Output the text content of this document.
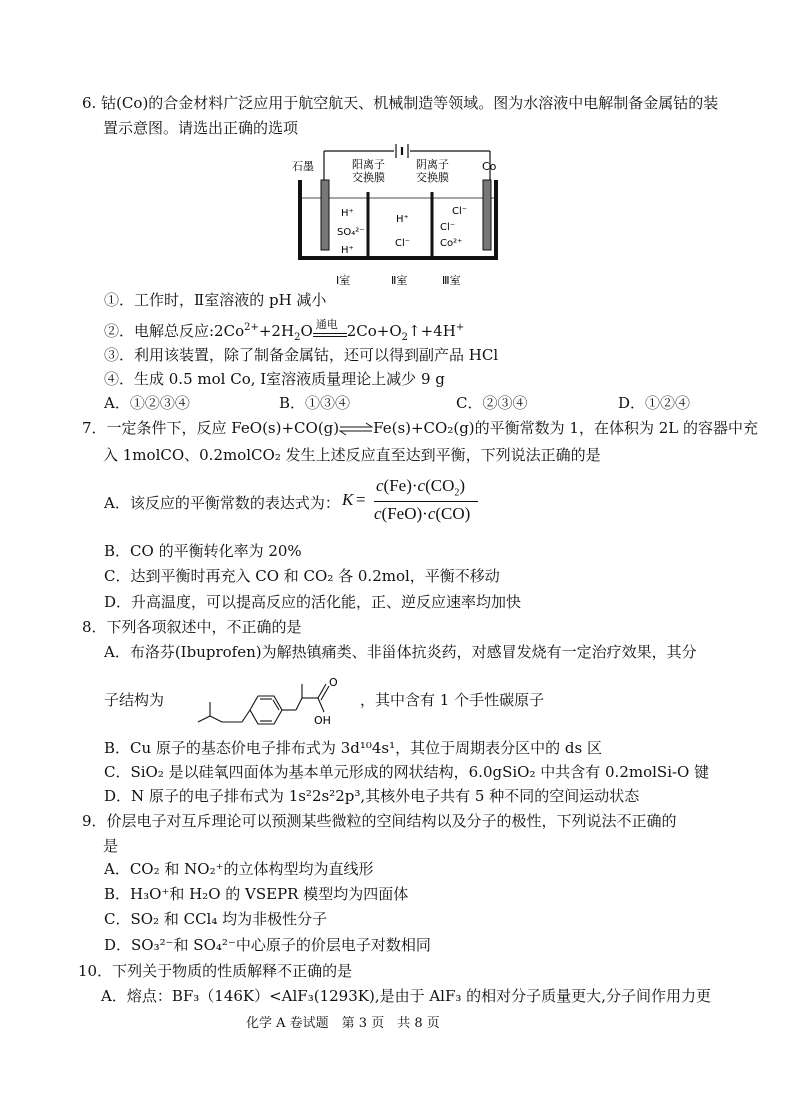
6. 钴(Co)的合金材料广泛应用于航空航天、机械制造等领域。图为水溶液中电解制备金属钴的装
置示意图。请选出正确的选项
石墨	Co
阳离子
交换膜
阴离子
交换膜
H⁺
SO₄²⁻
H⁺
H⁺
Cl⁻
Cl⁻
Cl⁻
Co²⁺
Ⅰ室	Ⅱ室	Ⅲ室
①．工作时，Ⅱ室溶液的 pH 减小
②．电解总反应$:2Co^{2+}+2H_2O$ 通电 $2Co+O_2↑+4H^+$
③．利用该装置，除了制备金属钴，还可以得到副产品 HCl
④．生成 0.5 mol Co, Ⅰ室溶液质量理论上减少 9 g
A．①②③④	B．①③④	C．②③④	D．①②④
7．一定条件下，反应 FeO(s)+CO(g)⇌Fe(s)+CO₂(g)的平衡常数为 1，在体积为 2L 的容器中充
入 1molCO、0.2molCO₂ 发生上述反应直至达到平衡，下列说法正确的是
A．该反应的平衡常数的表达式为： K =
$c(Fe)\cdot c(CO_2)$
c(FeO)·c(CO)
B．CO 的平衡转化率为 20%
C．达到平衡时再充入 CO 和 CO₂ 各 0.2mol，平衡不移动
D．升高温度，可以提高反应的活化能，正、逆反应速率均加快
8．下列各项叙述中，不正确的是
A．布洛芬(Ibuprofen)为解热镇痛类、非甾体抗炎药，对感冒发烧有一定治疗效果，其分
子结构为
O
OH
，其中含有 1 个手性碳原子
B．Cu 原子的基态价电子排布式为 3d¹⁰4s¹，其位于周期表分区中的 ds 区
C．SiO₂ 是以硅氧四面体为基本单元形成的网状结构，6.0gSiO₂ 中共含有 0.2molSi-O 键
D．N 原子的电子排布式为 1s²2s²2p³,其核外电子共有 5 种不同的空间运动状态
9．价层电子对互斥理论可以预测某些微粒的空间结构以及分子的极性，下列说法不正确的
是
A．CO₂ 和 NO₂⁺的立体构型均为直线形
B．H₃O⁺和 H₂O 的 VSEPR 模型均为四面体
C．SO₂ 和 CCl₄ 均为非极性分子
D．SO₃²⁻和 SO₄²⁻中心原子的价层电子对数相同
10．下列关于物质的性质解释不正确的是
A．熔点：BF₃（146K）<AlF₃(1293K),是由于 AlF₃ 的相对分子质量更大,分子间作用力更
化学 A 卷试题　第 3 页　共 8 页
